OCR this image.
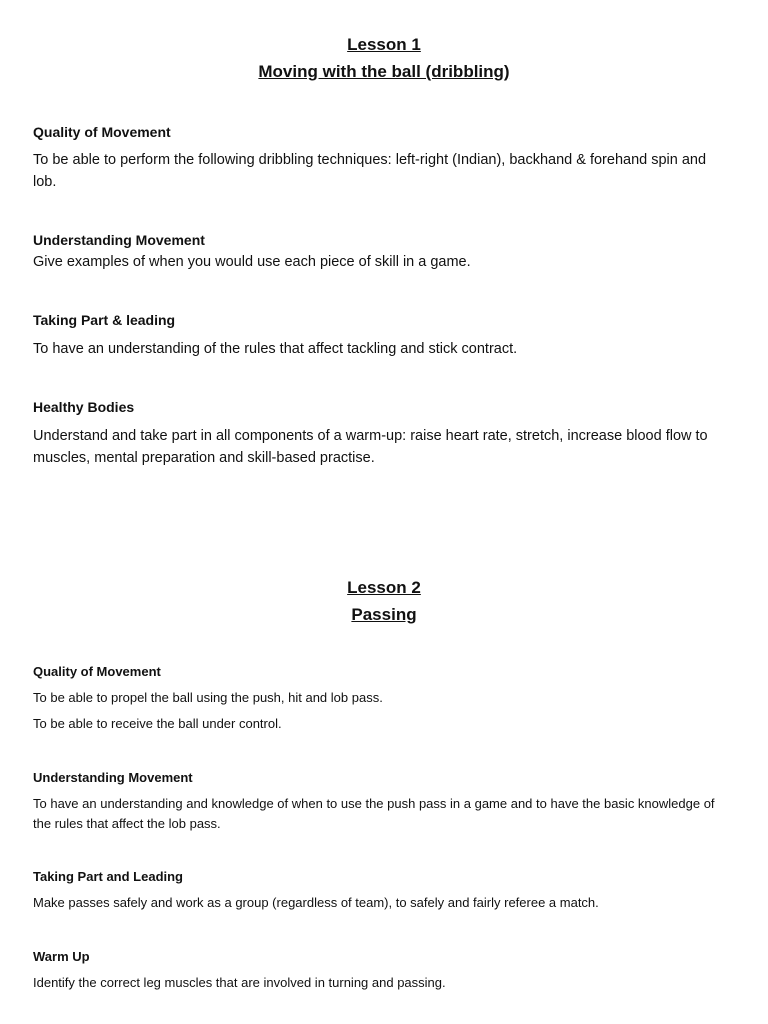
Lesson 1
Moving with the ball (dribbling)
Quality of Movement

To be able to perform the following dribbling techniques: left-right (Indian), backhand & forehand spin and lob.

Understanding Movement

Give examples of when you would use each piece of skill in a game.

Taking Part & leading

To have an understanding of the rules that affect tackling and stick contract.

Healthy Bodies

Understand and take part in all components of a warm-up: raise heart rate, stretch, increase blood flow to muscles, mental preparation and skill-based practise.

Lesson 2
Passing
Quality of Movement

To be able to propel the ball using the push, hit and lob pass.

To be able to receive the ball under control.

Understanding Movement

To have an understanding and knowledge of when to use the push pass in a game and to have the basic knowledge of the rules that affect the lob pass.

Taking Part and Leading

Make passes safely and work as a group (regardless of team), to safely and fairly referee a match.

Warm Up

Identify the correct leg muscles that are involved in turning and passing.
